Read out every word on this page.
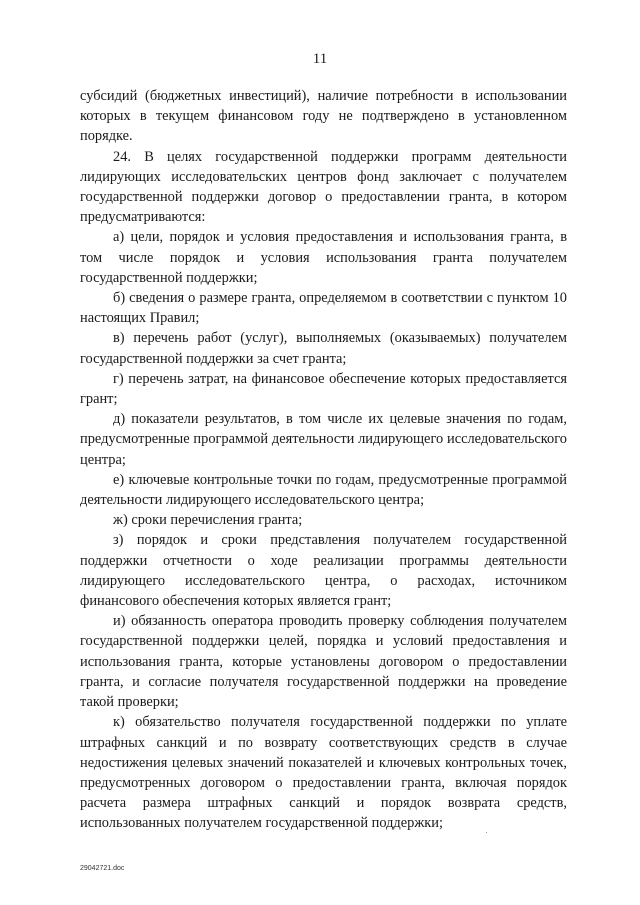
11

субсидий (бюджетных инвестиций), наличие потребности в использовании которых в текущем финансовом году не подтверждено в установленном порядке.

24. В целях государственной поддержки программ деятельности лидирующих исследовательских центров фонд заключает с получателем государственной поддержки договор о предоставлении гранта, в котором предусматриваются:

а) цели, порядок и условия предоставления и использования гранта, в том числе порядок и условия использования гранта получателем государственной поддержки;

б) сведения о размере гранта, определяемом в соответствии с пунктом 10 настоящих Правил;

в) перечень работ (услуг), выполняемых (оказываемых) получателем государственной поддержки за счет гранта;

г) перечень затрат, на финансовое обеспечение которых предоставляется грант;

д) показатели результатов, в том числе их целевые значения по годам, предусмотренные программой деятельности лидирующего исследовательского центра;

е) ключевые контрольные точки по годам, предусмотренные программой деятельности лидирующего исследовательского центра;

ж) сроки перечисления гранта;

з) порядок и сроки представления получателем государственной поддержки отчетности о ходе реализации программы деятельности лидирующего исследовательского центра, о расходах, источником финансового обеспечения которых является грант;

и) обязанность оператора проводить проверку соблюдения получателем государственной поддержки целей, порядка и условий предоставления и использования гранта, которые установлены договором о предоставлении гранта, и согласие получателя государственной поддержки на проведение такой проверки;

к) обязательство получателя государственной поддержки по уплате штрафных санкций и по возврату соответствующих средств в случае недостижения целевых значений показателей и ключевых контрольных точек, предусмотренных договором о предоставлении гранта, включая порядок расчета размера штрафных санкций и порядок возврата средств, использованных получателем государственной поддержки;

29042721.doc
